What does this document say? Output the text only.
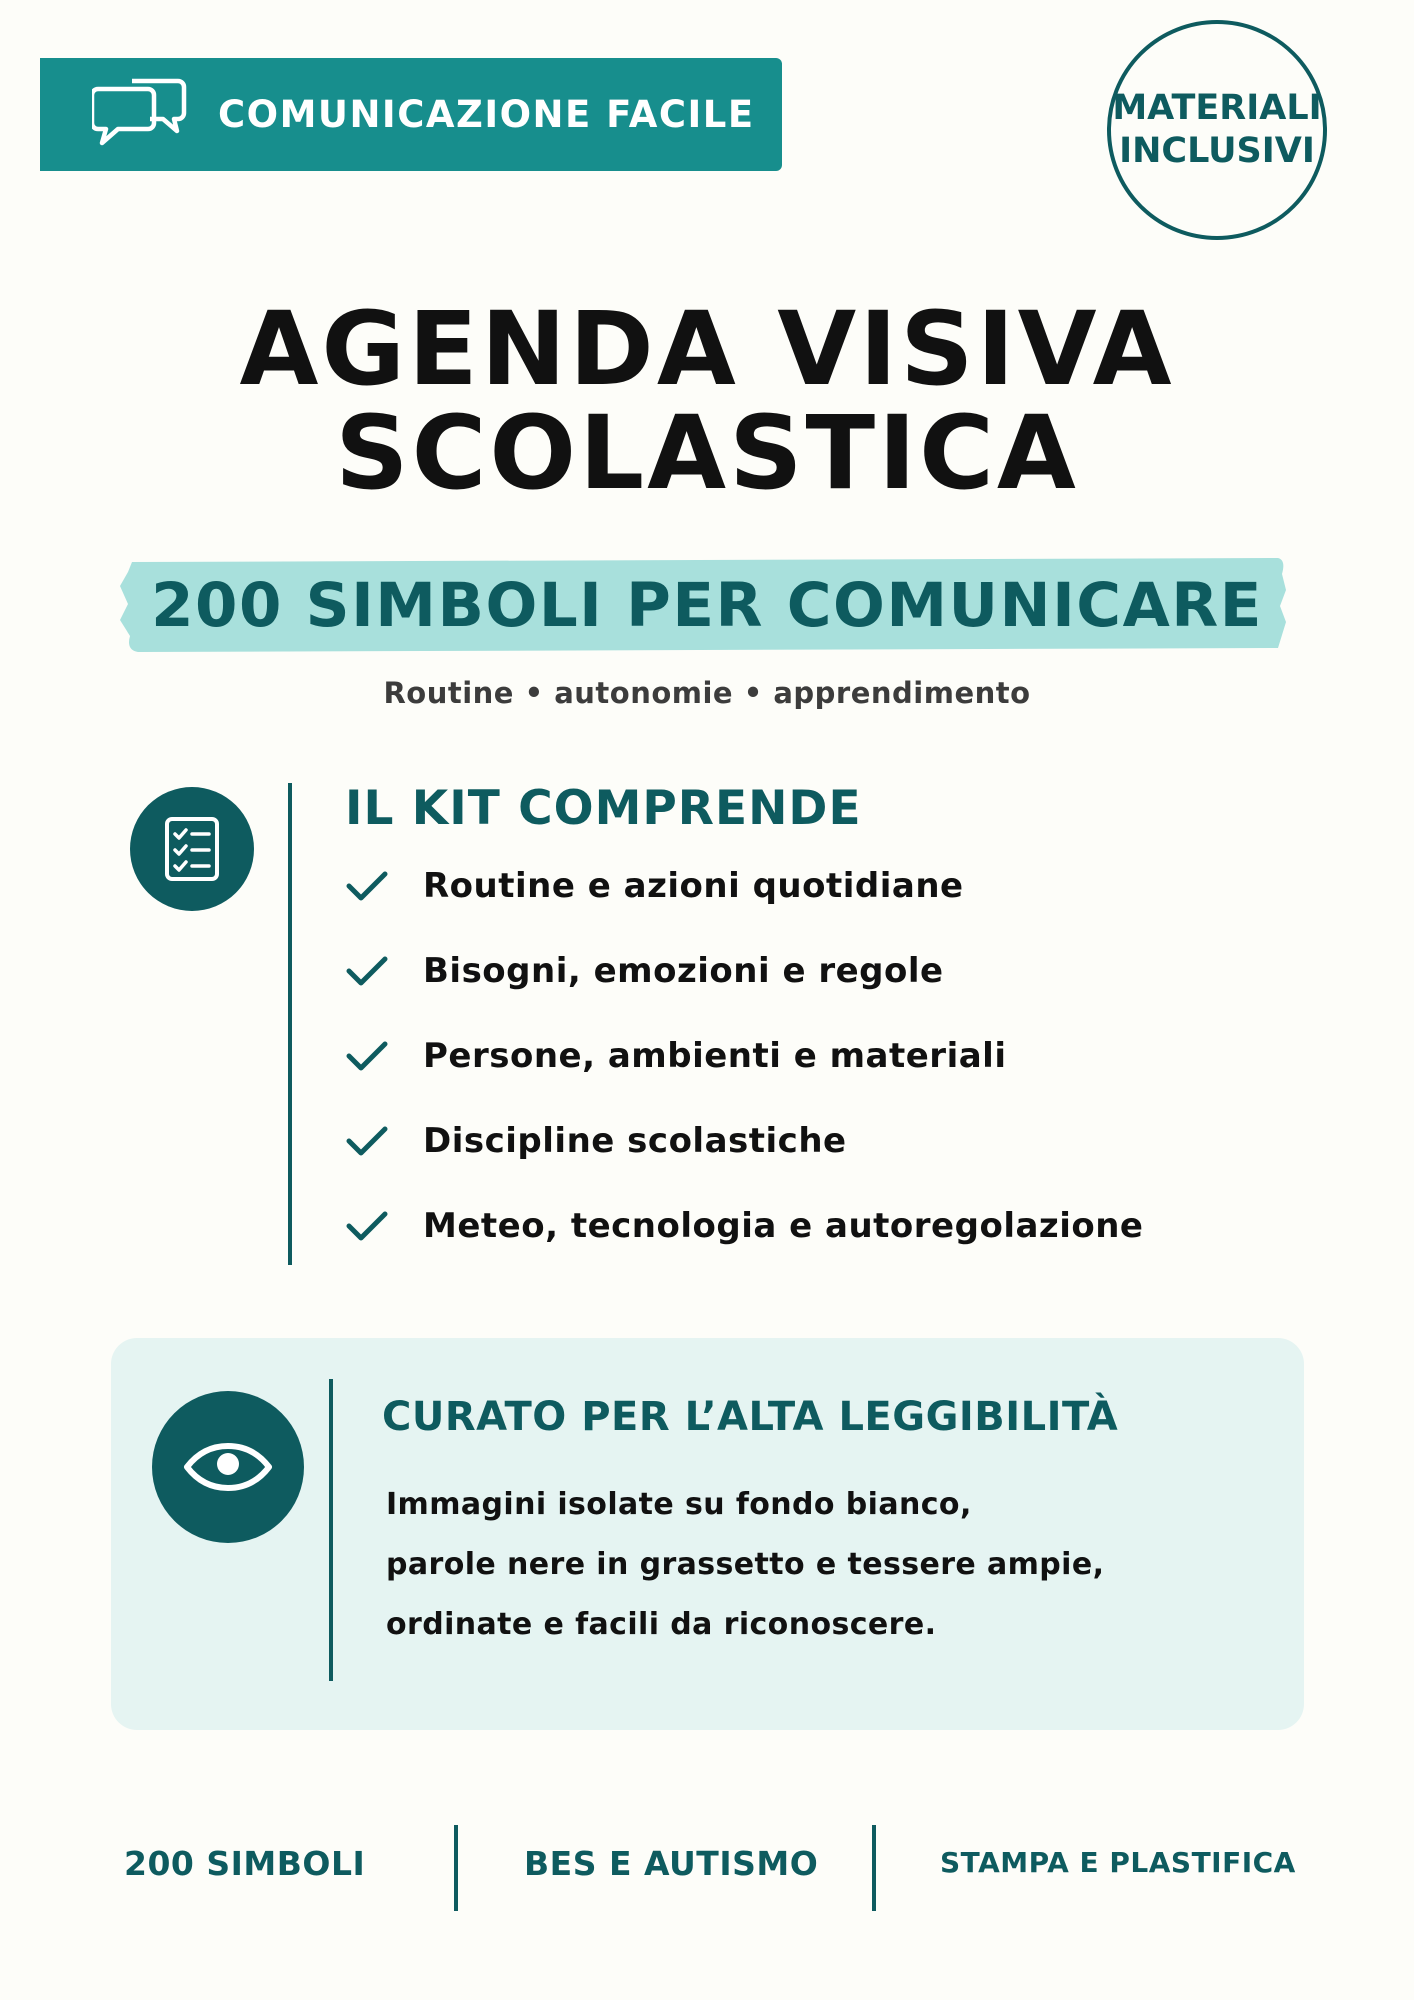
COMUNICAZIONE FACILE	MATERIALI
INCLUSIVI
AGENDA VISIVA
SCOLASTICA
200 SIMBOLI PER COMUNICARE
Routine • autonomie • apprendimento
IL KIT COMPRENDE
Routine e azioni quotidiane
Bisogni, emozioni e regole
Persone, ambienti e materiali
Discipline scolastiche
Meteo, tecnologia e autoregolazione
CURATO PER L’ALTA LEGGIBILITÀ
Immagini isolate su fondo bianco,
parole nere in grassetto e tessere ampie,
ordinate e facili da riconoscere.
200 SIMBOLI	BES E AUTISMO	STAMPA E PLASTIFICA
